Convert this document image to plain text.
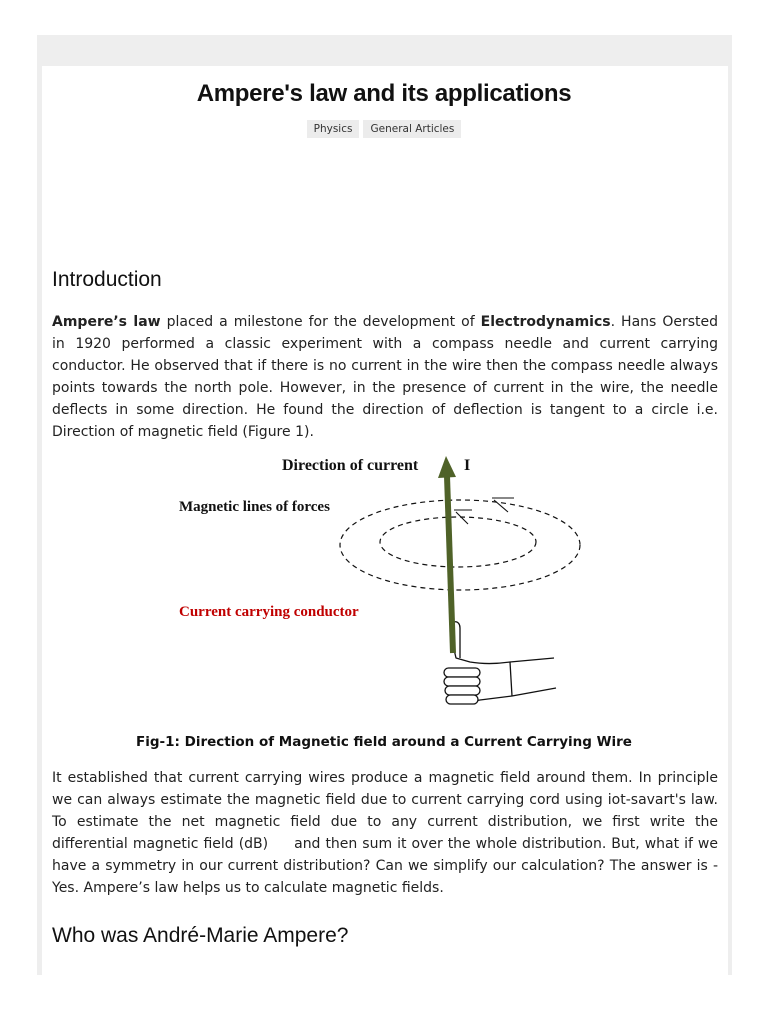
Ampere's law and its applications
Physics General Articles
Introduction

Ampere’s law placed a milestone for the development of Electrodynamics. Hans Oersted in 1920 performed a classic experiment with a compass needle and current carrying conductor. He observed that if there is no current in the wire then the compass needle always points towards the north pole. However, in the presence of current in the wire, the needle deflects in some direction. He found the direction of deflection is tangent to a circle i.e. Direction of magnetic field (Figure 1).

Direction of current	I
Magnetic lines of forces
Current carrying conductor

Fig-1: Direction of Magnetic field around a Current Carrying Wire

It established that current carrying wires produce a magnetic field around them. In principle we can always estimate the magnetic field due to current carrying cord using iot-savart's law. To estimate the net magnetic field due to any current distribution, we first write the differential magnetic field (dB) and then sum it over the whole distribution. But, what if we have a symmetry in our current distribution? Can we simplify our calculation? The answer is - Yes. Ampere’s law helps us to calculate magnetic fields.

Who was André-Marie Ampere?
